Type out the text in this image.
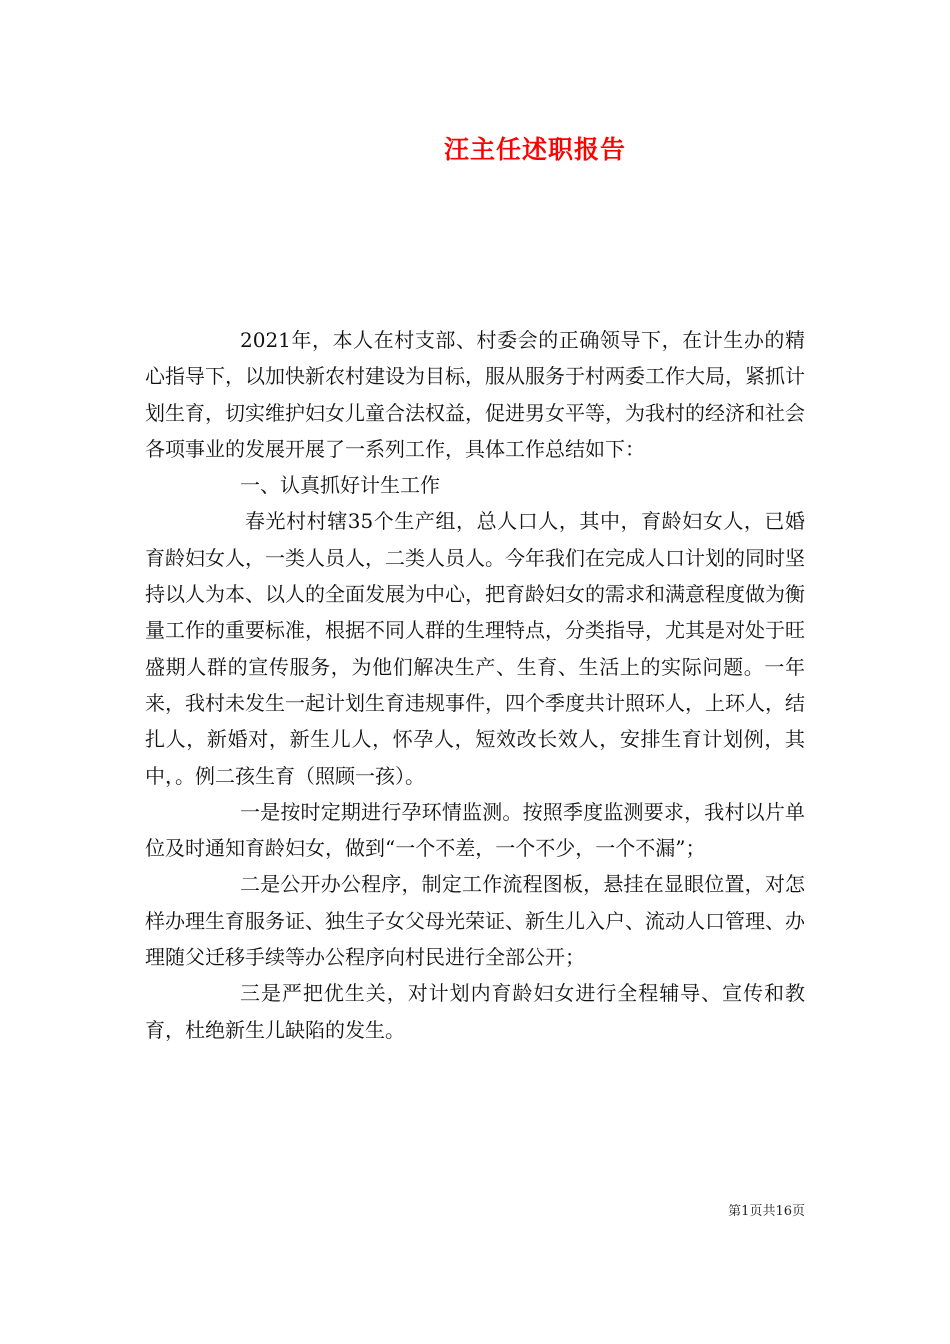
汪主任述职报告

2021年，本人在村支部、村委会的正确领导下，在计生办的精心指导下，以加快新农村建设为目标，服从服务于村两委工作大局，紧抓计划生育，切实维护妇女儿童合法权益，促进男女平等，为我村的经济和社会各项事业的发展开展了一系列工作，具体工作总结如下：

一、认真抓好计生工作

春光村村辖35个生产组，总人口人，其中，育龄妇女人，已婚育龄妇女人，一类人员人，二类人员人。今年我们在完成人口计划的同时坚持以人为本、以人的全面发展为中心，把育龄妇女的需求和满意程度做为衡量工作的重要标准，根据不同人群的生理特点，分类指导，尤其是对处于旺盛期人群的宣传服务，为他们解决生产、生育、生活上的实际问题。一年来，我村未发生一起计划生育违规事件，四个季度共计照环人，上环人，结扎人，新婚对，新生儿人，怀孕人，短效改长效人，安排生育计划例，其中，。例二孩生育（照顾一孩）。

一是按时定期进行孕环情监测。按照季度监测要求，我村以片单位及时通知育龄妇女，做到“一个不差，一个不少，一个不漏”；

二是公开办公程序，制定工作流程图板，悬挂在显眼位置，对怎样办理生育服务证、独生子女父母光荣证、新生儿入户、流动人口管理、办理随父迁移手续等办公程序向村民进行全部公开；

三是严把优生关，对计划内育龄妇女进行全程辅导、宣传和教育，杜绝新生儿缺陷的发生。

第1页共16页
